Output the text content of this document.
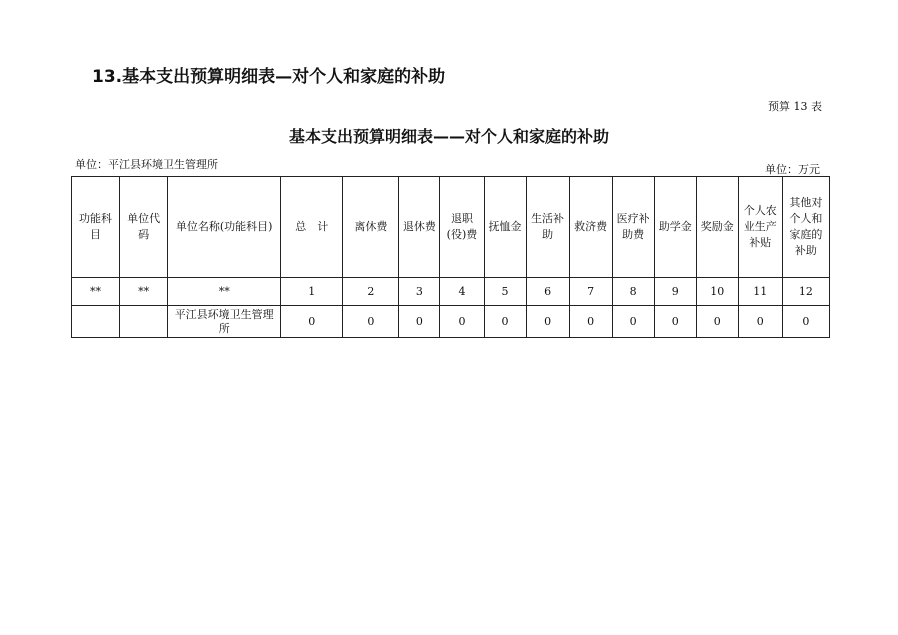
13.基本支出预算明细表—对个人和家庭的补助
预算 13 表
基本支出预算明细表——对个人和家庭的补助
单位：平江县环境卫生管理所	单位：万元
功能科目	单位代码	单位名称(功能科目)	总　计	离休费	退休费	退职(役)费	抚恤金	生活补助	救济费	医疗补助费	助学金	奖励金	个人农业生产补贴	其他对个人和家庭的补助
**	**	**	1	2	3	4	5	6	7	8	9	10	11	12
		平江县环境卫生管理所	0	0	0	0	0	0	0	0	0	0	0	0
